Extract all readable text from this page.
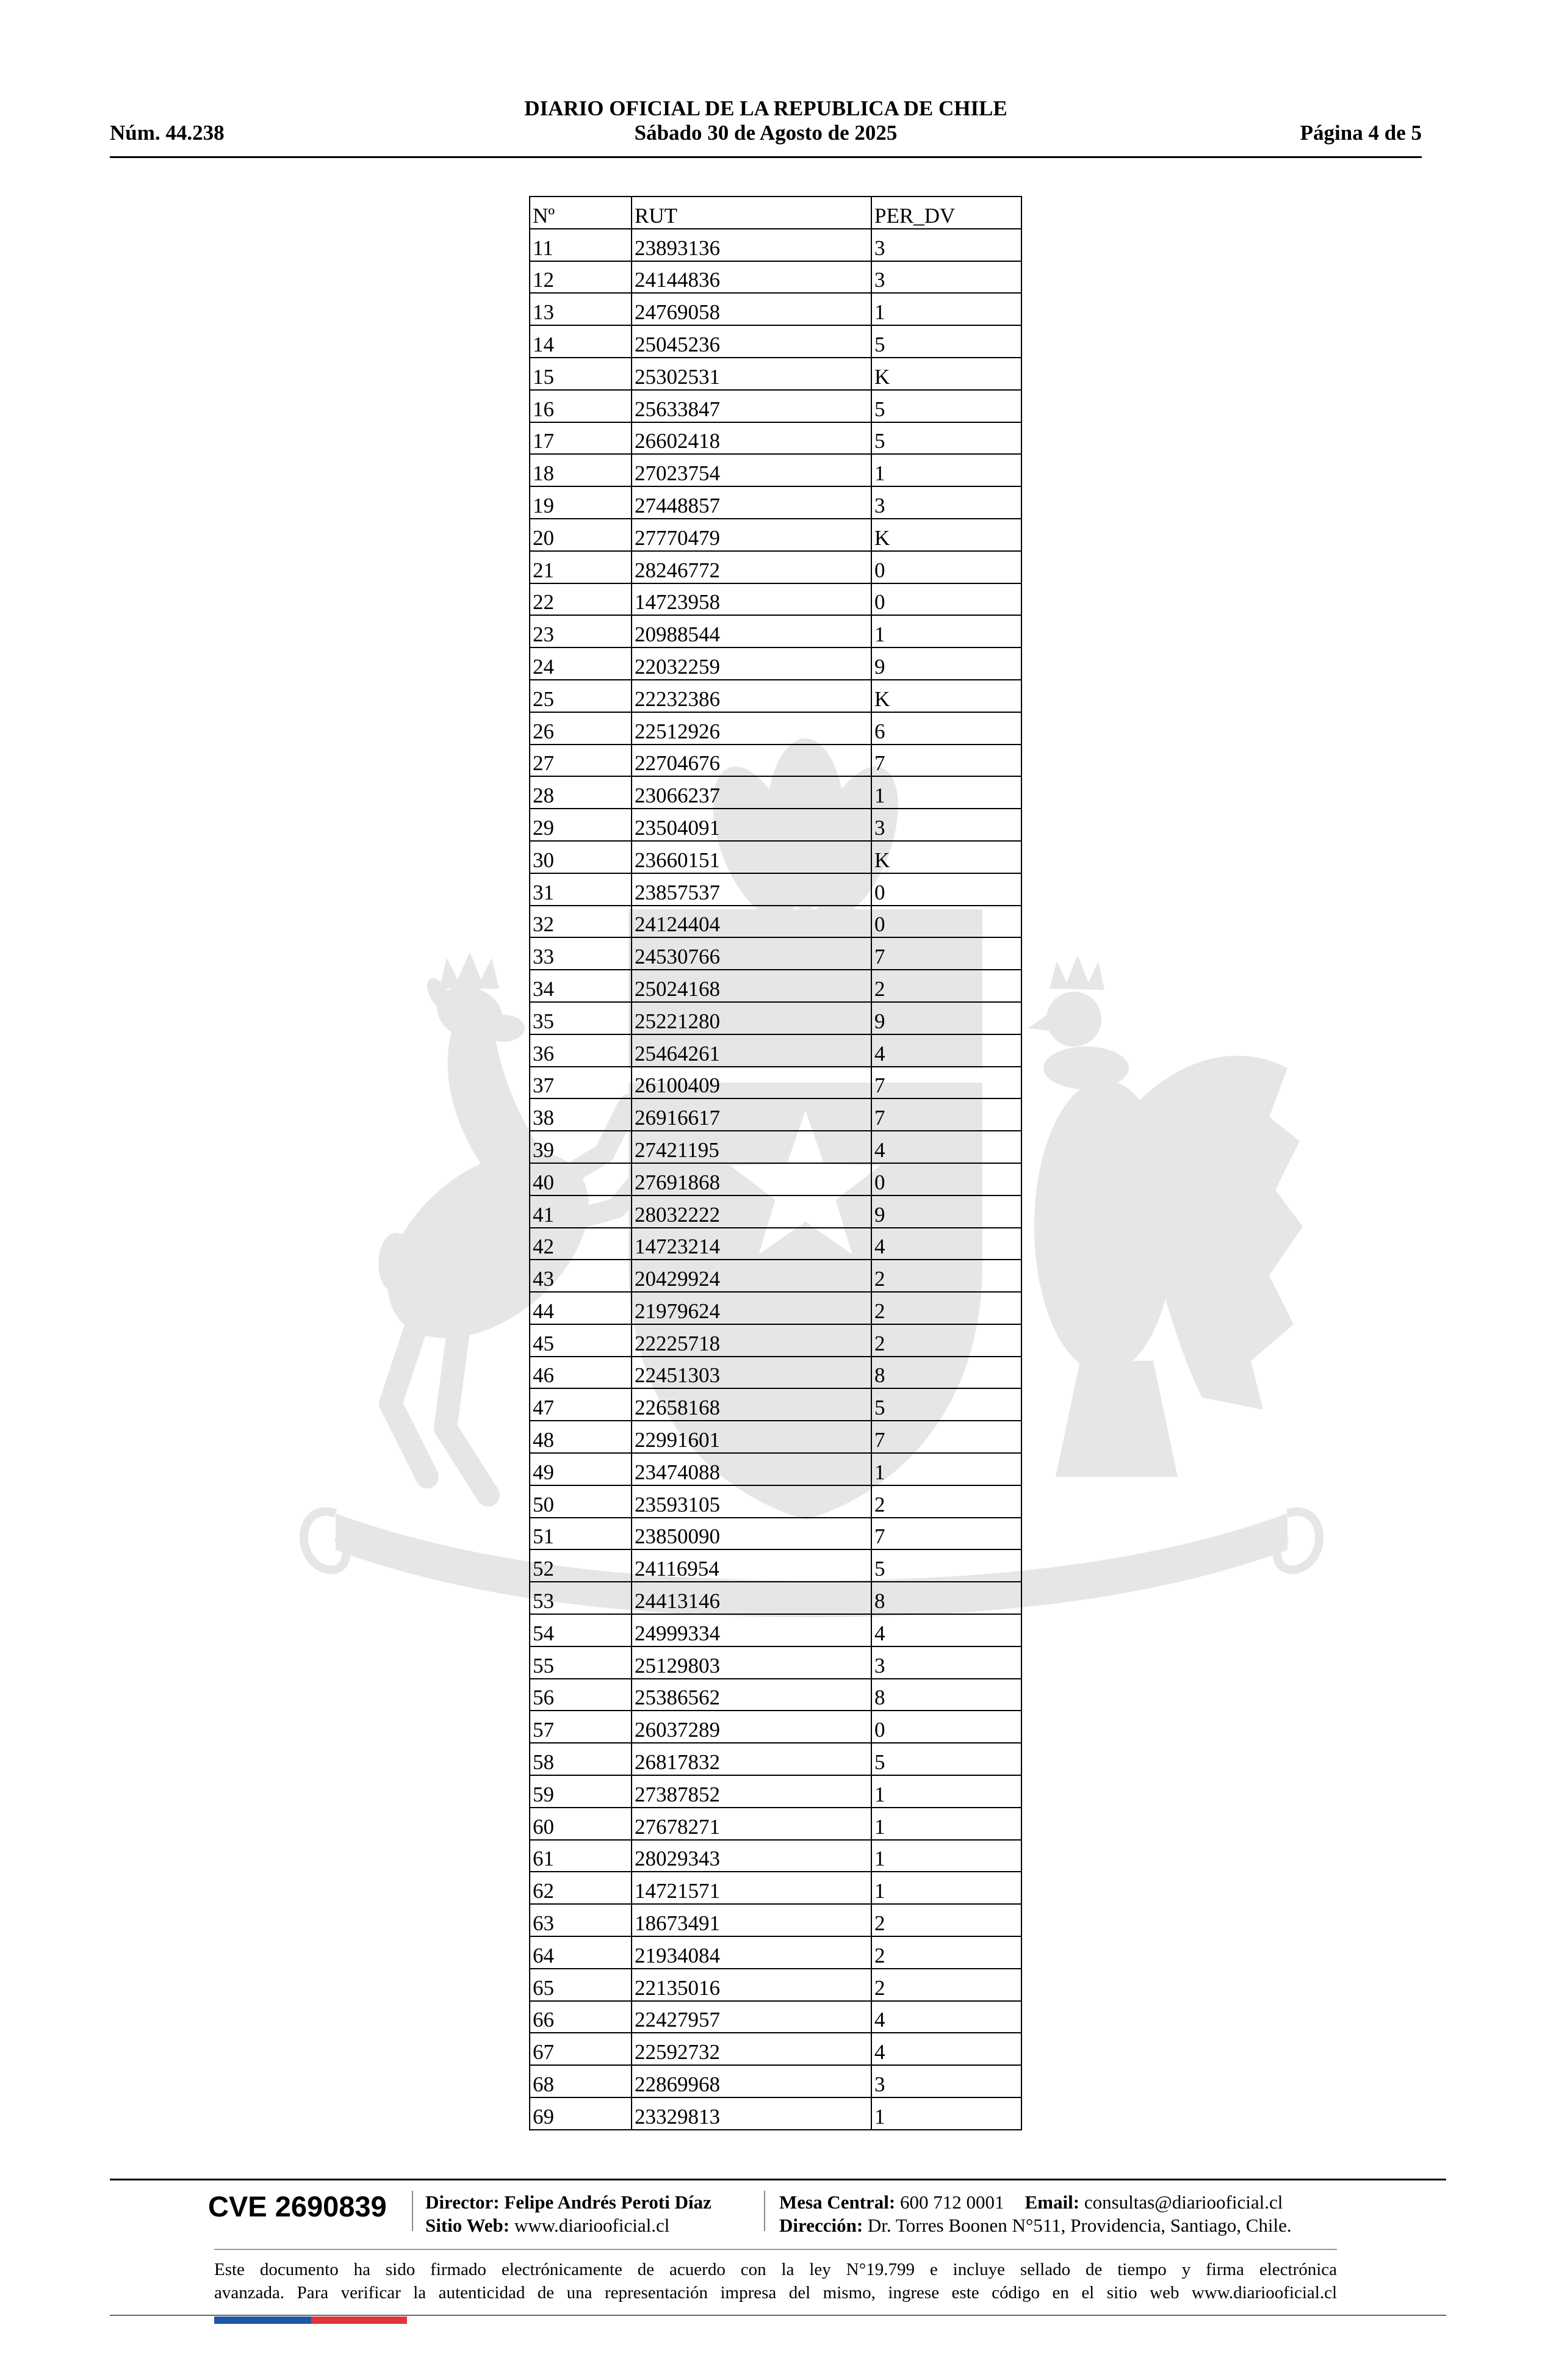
DIARIO OFICIAL DE LA REPUBLICA DE CHILE
Núm. 44.238	Sábado 30 de Agosto de 2025	Página 4 de 5
Nº	RUT	PER_DV
11	23893136	3
12	24144836	3
13	24769058	1
14	25045236	5
15	25302531	K
16	25633847	5
17	26602418	5
18	27023754	1
19	27448857	3
20	27770479	K
21	28246772	0
22	14723958	0
23	20988544	1
24	22032259	9
25	22232386	K
26	22512926	6
27	22704676	7
28	23066237	1
29	23504091	3
30	23660151	K
31	23857537	0
32	24124404	0
33	24530766	7
34	25024168	2
35	25221280	9
36	25464261	4
37	26100409	7
38	26916617	7
39	27421195	4
40	27691868	0
41	28032222	9
42	14723214	4
43	20429924	2
44	21979624	2
45	22225718	2
46	22451303	8
47	22658168	5
48	22991601	7
49	23474088	1
50	23593105	2
51	23850090	7
52	24116954	5
53	24413146	8
54	24999334	4
55	25129803	3
56	25386562	8
57	26037289	0
58	26817832	5
59	27387852	1
60	27678271	1
61	28029343	1
62	14721571	1
63	18673491	2
64	21934084	2
65	22135016	2
66	22427957	4
67	22592732	4
68	22869968	3
69	23329813	1
CVE 2690839 Director: Felipe Andrés Peroti Díaz
Sitio Web: www.diariooficial.cl
Mesa Central: 600 712 0001 Email: consultas@diariooficial.cl
Dirección: Dr. Torres Boonen N°511, Providencia, Santiago, Chile.
Este documento ha sido firmado electrónicamente de acuerdo con la ley N°19.799 e incluye sellado de tiempo y firma electrónica
avanzada. Para verificar la autenticidad de una representación impresa del mismo, ingrese este código en el sitio web www.diariooficial.cl
